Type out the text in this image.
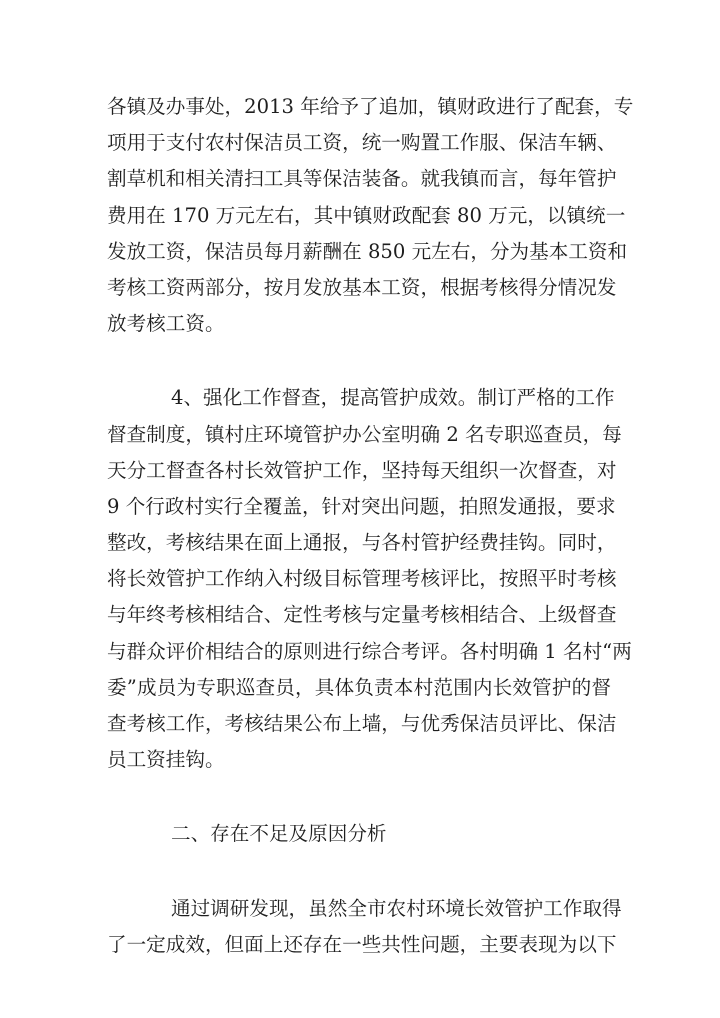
各镇及办事处，2013 年给予了追加，镇财政进行了配套，专
项用于支付农村保洁员工资，统一购置工作服、保洁车辆、
割草机和相关清扫工具等保洁装备。就我镇而言，每年管护
费用在 170 万元左右，其中镇财政配套 80 万元，以镇统一
发放工资，保洁员每月薪酬在 850 元左右，分为基本工资和
考核工资两部分，按月发放基本工资，根据考核得分情况发
放考核工资。
4、强化工作督查，提高管护成效。制订严格的工作
督查制度，镇村庄环境管护办公室明确 2 名专职巡查员，每
天分工督查各村长效管护工作，坚持每天组织一次督查，对
9 个行政村实行全覆盖，针对突出问题，拍照发通报，要求
整改，考核结果在面上通报，与各村管护经费挂钩。同时，
将长效管护工作纳入村级目标管理考核评比，按照平时考核
与年终考核相结合、定性考核与定量考核相结合、上级督查
与群众评价相结合的原则进行综合考评。各村明确 1 名村“两
委”成员为专职巡查员，具体负责本村范围内长效管护的督
查考核工作，考核结果公布上墙，与优秀保洁员评比、保洁
员工资挂钩。
二、存在不足及原因分析
通过调研发现，虽然全市农村环境长效管护工作取得
了一定成效，但面上还存在一些共性问题，主要表现为以下
